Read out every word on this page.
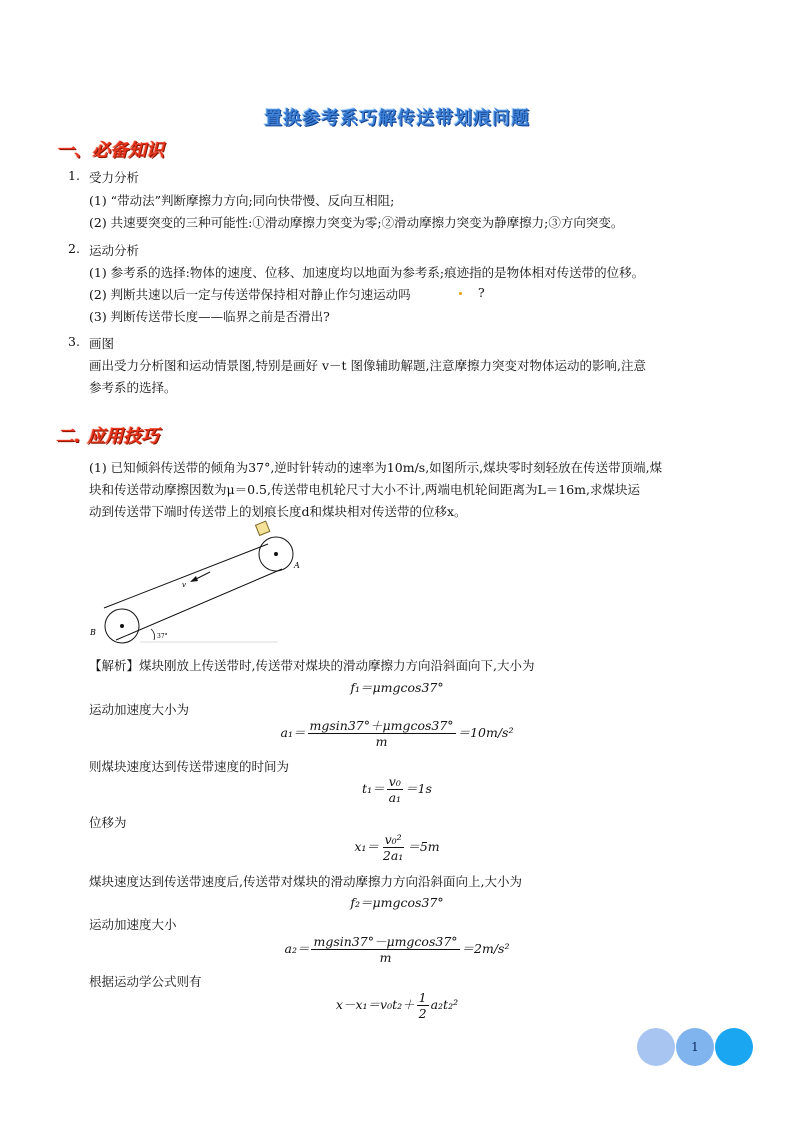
置换参考系巧解传送带划痕问题
一、必备知识
1. 受力分析
(1) “带动法”判断摩擦力方向;同向快带慢、反向互相阻;
(2) 共速要突变的三种可能性:①滑动摩擦力突变为零;②滑动摩擦力突变为静摩擦力;③方向突变。
2. 运动分析
(1) 参考系的选择:物体的速度、位移、加速度均以地面为参考系;痕迹指的是物体相对传送带的位移。
(2) 判断共速以后一定与传送带保持相对静止作匀速运动吗	?
(3) 判断传送带长度——临界之前是否滑出?
3. 画图
画出受力分析图和运动情景图,特别是画好 v－t 图像辅助解题,注意摩擦力突变对物体运动的影响,注意
参考系的选择。
二. 应用技巧
(1) 已知倾斜传送带的倾角为37°,逆时针转动的速率为10m/s,如图所示,煤块零时刻轻放在传送带顶端,煤
块和传送带动摩擦因数为μ＝0.5,传送带电机轮尺寸大小不计,两端电机轮间距离为L＝16m,求煤块运
动到传送带下端时传送带上的划痕长度d和煤块相对传送带的位移x。
A
B
v
37°
【解析】煤块刚放上传送带时,传送带对煤块的滑动摩擦力方向沿斜面向下,大小为
f₁＝μmgcos37°
运动加速度大小为
$a_1= \frac{\text{mgsin37°＋μmgcos37°}}{m} =10m/s^2$
则煤块速度达到传送带速度的时间为
$t_1= \frac{\text{v₀}}{\text{a₁}} =1s$
位移为
$x_1= \frac{\text{v₀²}}{\text{2a₁}} =5m$
煤块速度达到传送带速度后,传送带对煤块的滑动摩擦力方向沿斜面向上,大小为
f₂＝μmgcos37°
运动加速度大小
$a_2= \frac{\text{mgsin37°－μmgcos37°}}{m} =2m/s^2$
根据运动学公式则有
$x-x_1=v_0t_2+ \frac{1}{2} a_2t_2^2$
1
